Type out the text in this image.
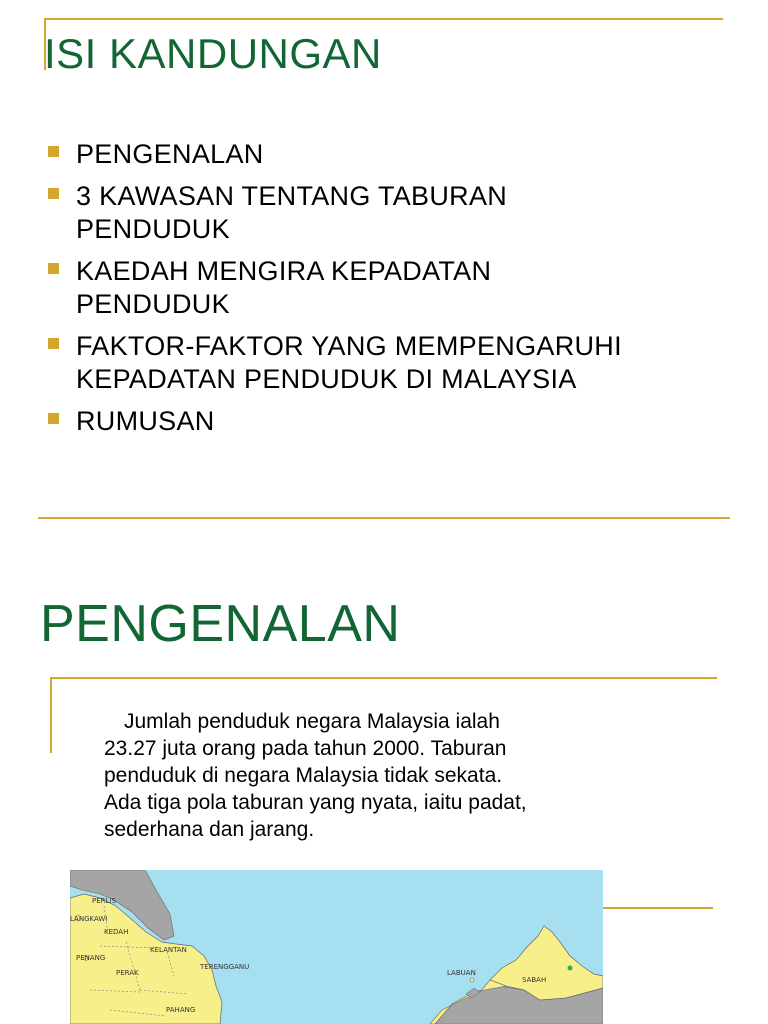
ISI KANDUNGAN
PENGENALAN
3 KAWASAN TENTANG TABURAN
PENDUDUK
KAEDAH MENGIRA KEPADATAN
PENDUDUK
FAKTOR-FAKTOR YANG MEMPENGARUHI
KEPADATAN PENDUDUK DI MALAYSIA
RUMUSAN
PENGENALAN
Jumlah penduduk negara Malaysia ialah
23.27 juta orang pada tahun 2000. Taburan
penduduk di negara Malaysia tidak sekata.
Ada tiga pola taburan yang nyata, iaitu padat,
sederhana dan jarang.
PERLIS
LANGKAWI
KEDAH
KELANTAN
PENANG
PERAK
TERENGGANU
PAHANG
LABUAN
SABAH
